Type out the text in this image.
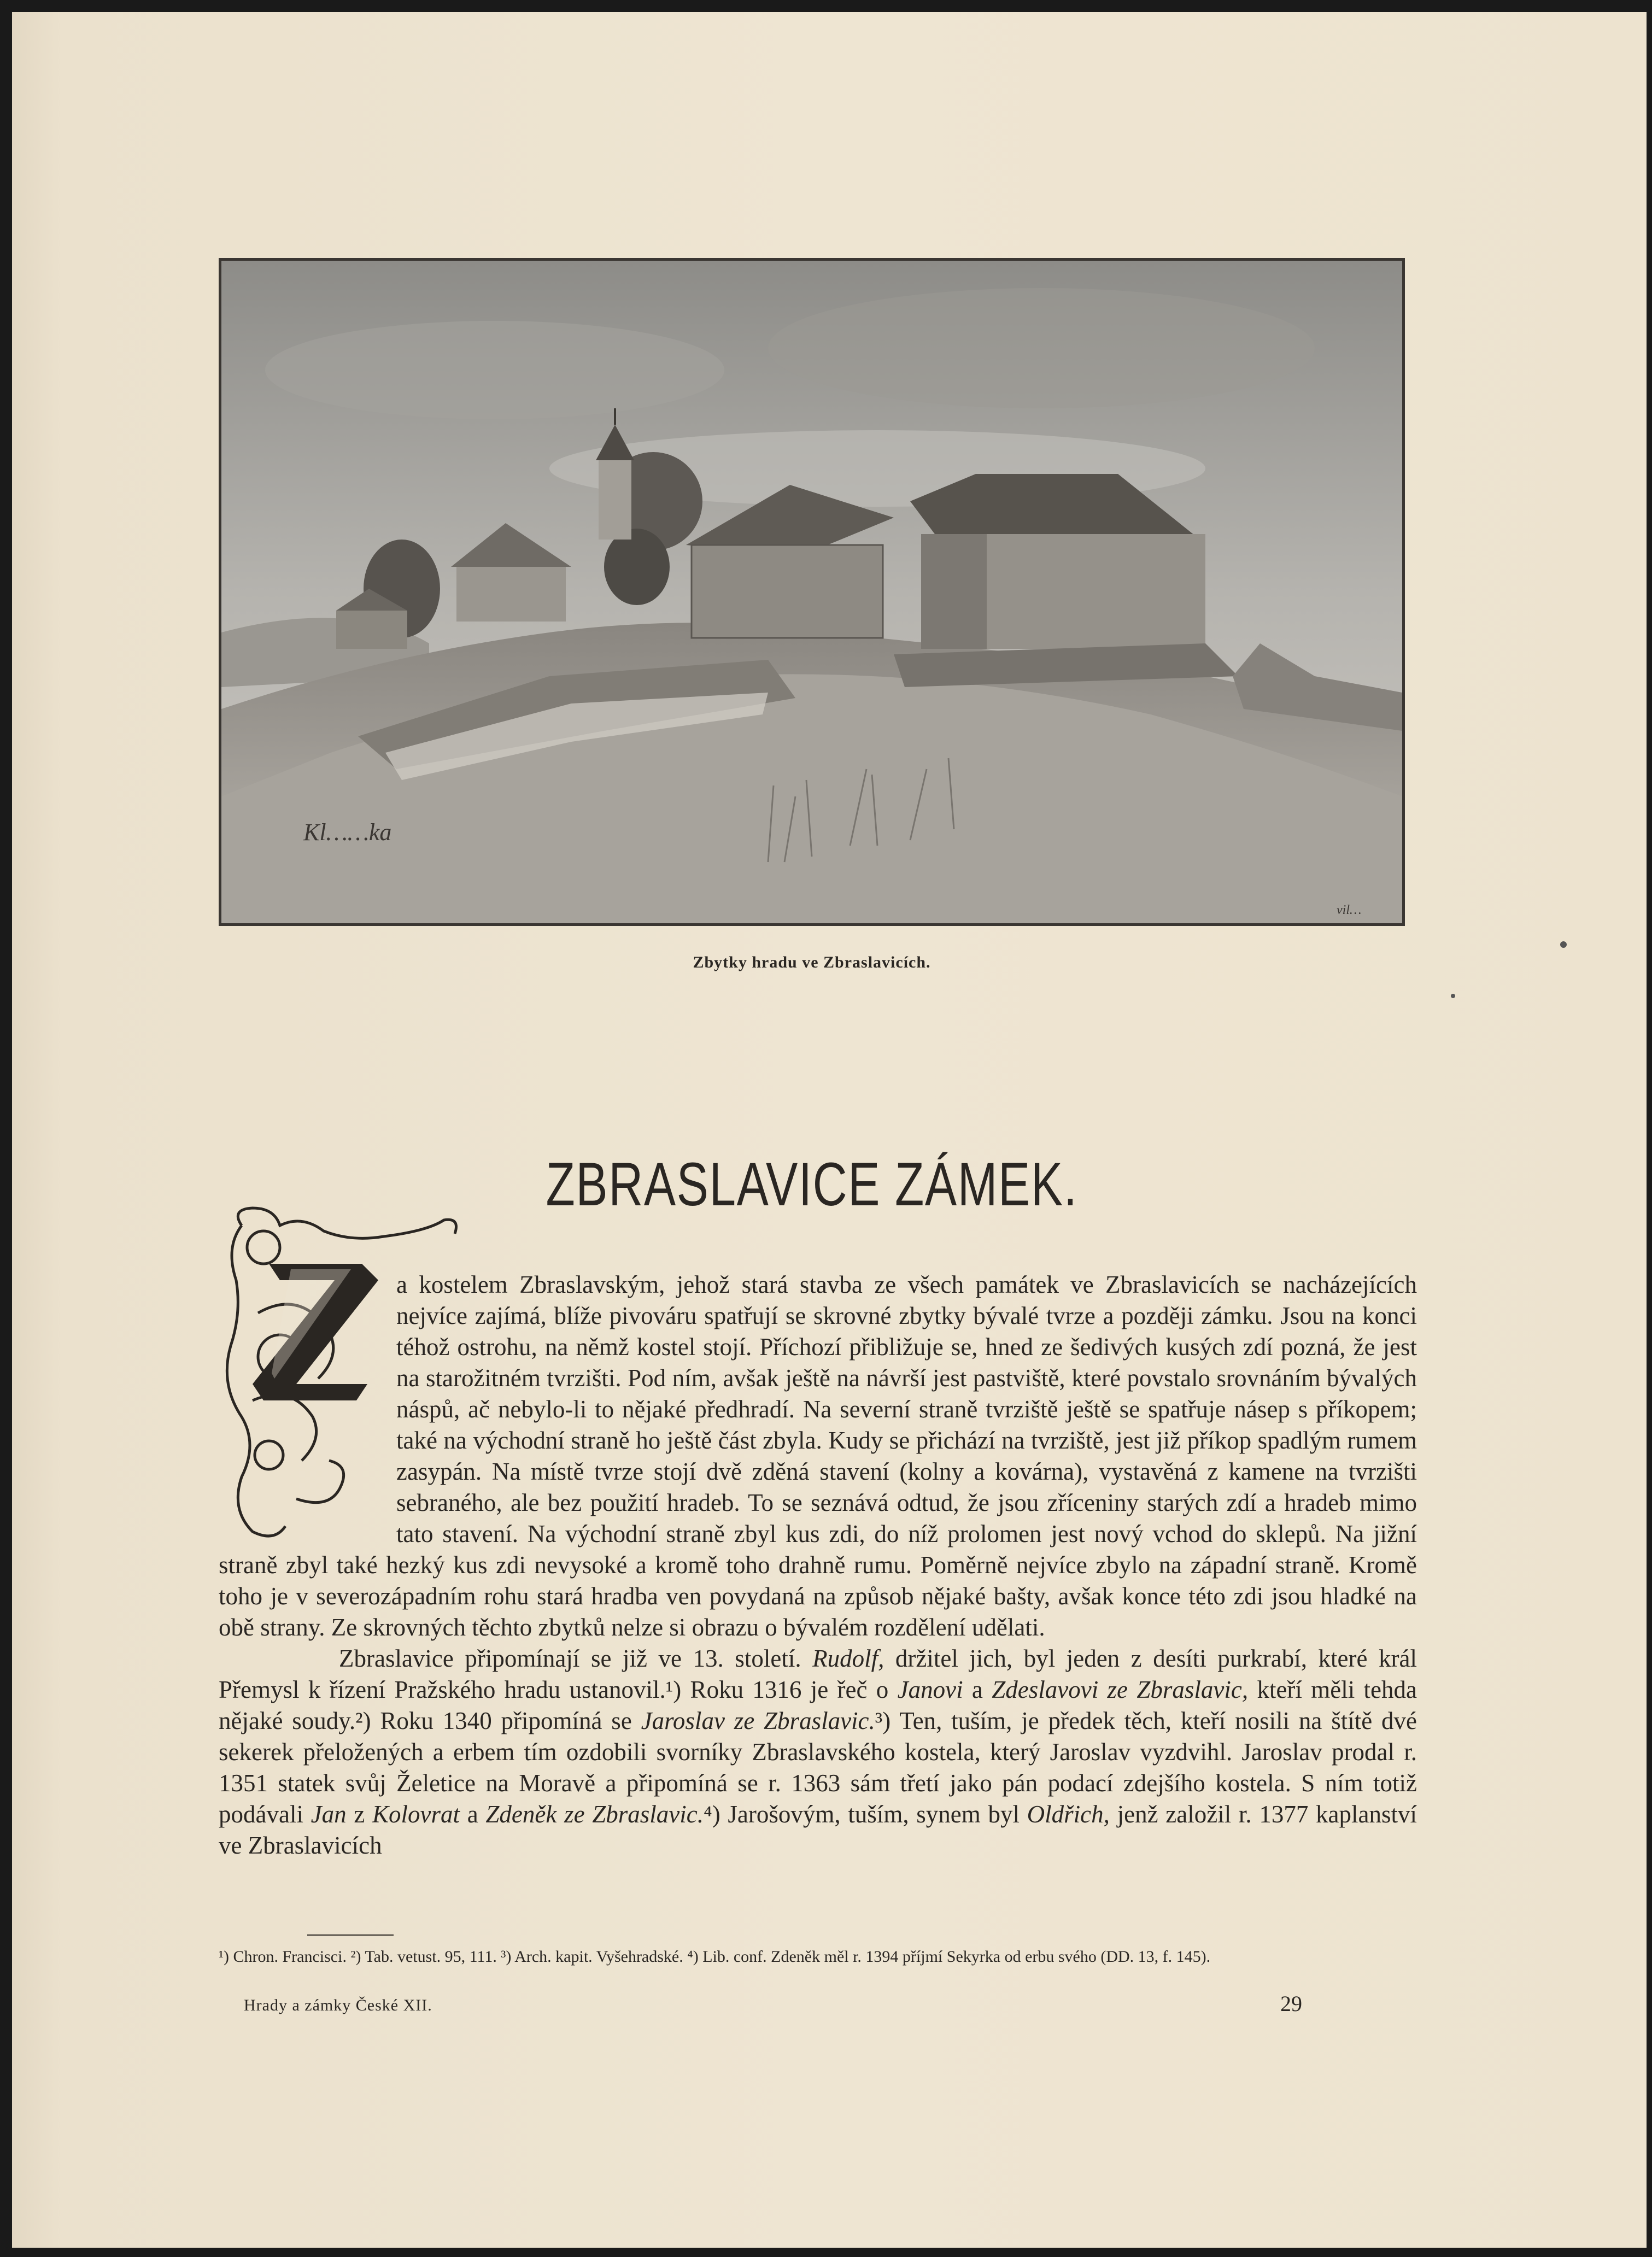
Kl……ka
vil…
Zbytky hradu ve Zbraslavicích.
ZBRASLAVICE ZÁMEK.

a kostelem Zbraslavským, jehož stará stavba ze všech památek ve Zbraslavicích se nacházejících nejvíce zajímá, blíže pivováru spatřují se skrovné zbytky bývalé tvrze a později zámku. Jsou na konci téhož ostrohu, na němž kostel stojí. Příchozí přibližuje se, hned ze šedivých kusých zdí pozná, že jest na starožitném tvrzišti. Pod ním, avšak ještě na návrší jest pastviště, které povstalo srovnáním bývalých náspů, ač nebylo-li to nějaké předhradí. Na severní straně tvrziště ještě se spatřuje násep s příkopem; také na východní straně ho ještě část zbyla. Kudy se přichází na tvrziště, jest již příkop spadlým rumem zasypán. Na místě tvrze stojí dvě zděná stavení (kolny a kovárna), vystavěná z kamene na tvrzišti sebraného, ale bez použití hradeb. To se seznává odtud, že jsou zříceniny starých zdí a hradeb mimo tato stavení. Na východní straně zbyl kus zdi, do níž prolomen jest nový vchod do sklepů. Na jižní straně zbyl také hezký kus zdi nevysoké a kromě toho drahně rumu. Poměrně nejvíce zbylo na západní straně. Kromě toho je v severozápadním rohu stará hradba ven povydaná na způsob nějaké bašty, avšak konce této zdi jsou hladké na obě strany. Ze skrovných těchto zbytků nelze si obrazu o bývalém rozdělení udělati.

Zbraslavice připomínají se již ve 13. století. Rudolf, držitel jich, byl jeden z desíti purkrabí, které král Přemysl k řízení Pražského hradu ustanovil.¹) Roku 1316 je řeč o Janovi a Zdeslavovi ze Zbraslavic, kteří měli tehda nějaké soudy.²) Roku 1340 připomíná se Jaroslav ze Zbraslavic.³) Ten, tuším, je předek těch, kteří nosili na štítě dvé sekerek přeložených a erbem tím ozdobili svorníky Zbraslavského kostela, který Jaroslav vyzdvihl. Jaroslav prodal r. 1351 statek svůj Želetice na Moravě a připomíná se r. 1363 sám třetí jako pán podací zdejšího kostela. S ním totiž podávali Jan z Kolovrat a Zdeněk ze Zbraslavic.⁴) Jarošovým, tuším, synem byl Oldřich, jenž založil r. 1377 kaplanství ve Zbraslavicích

¹) Chron. Francisci. ²) Tab. vetust. 95, 111. ³) Arch. kapit. Vyšehradské. ⁴) Lib. conf. Zdeněk měl r. 1394 příjmí Sekyrka od erbu svého (DD. 13, f. 145).
Hrady a zámky České XII.	29
